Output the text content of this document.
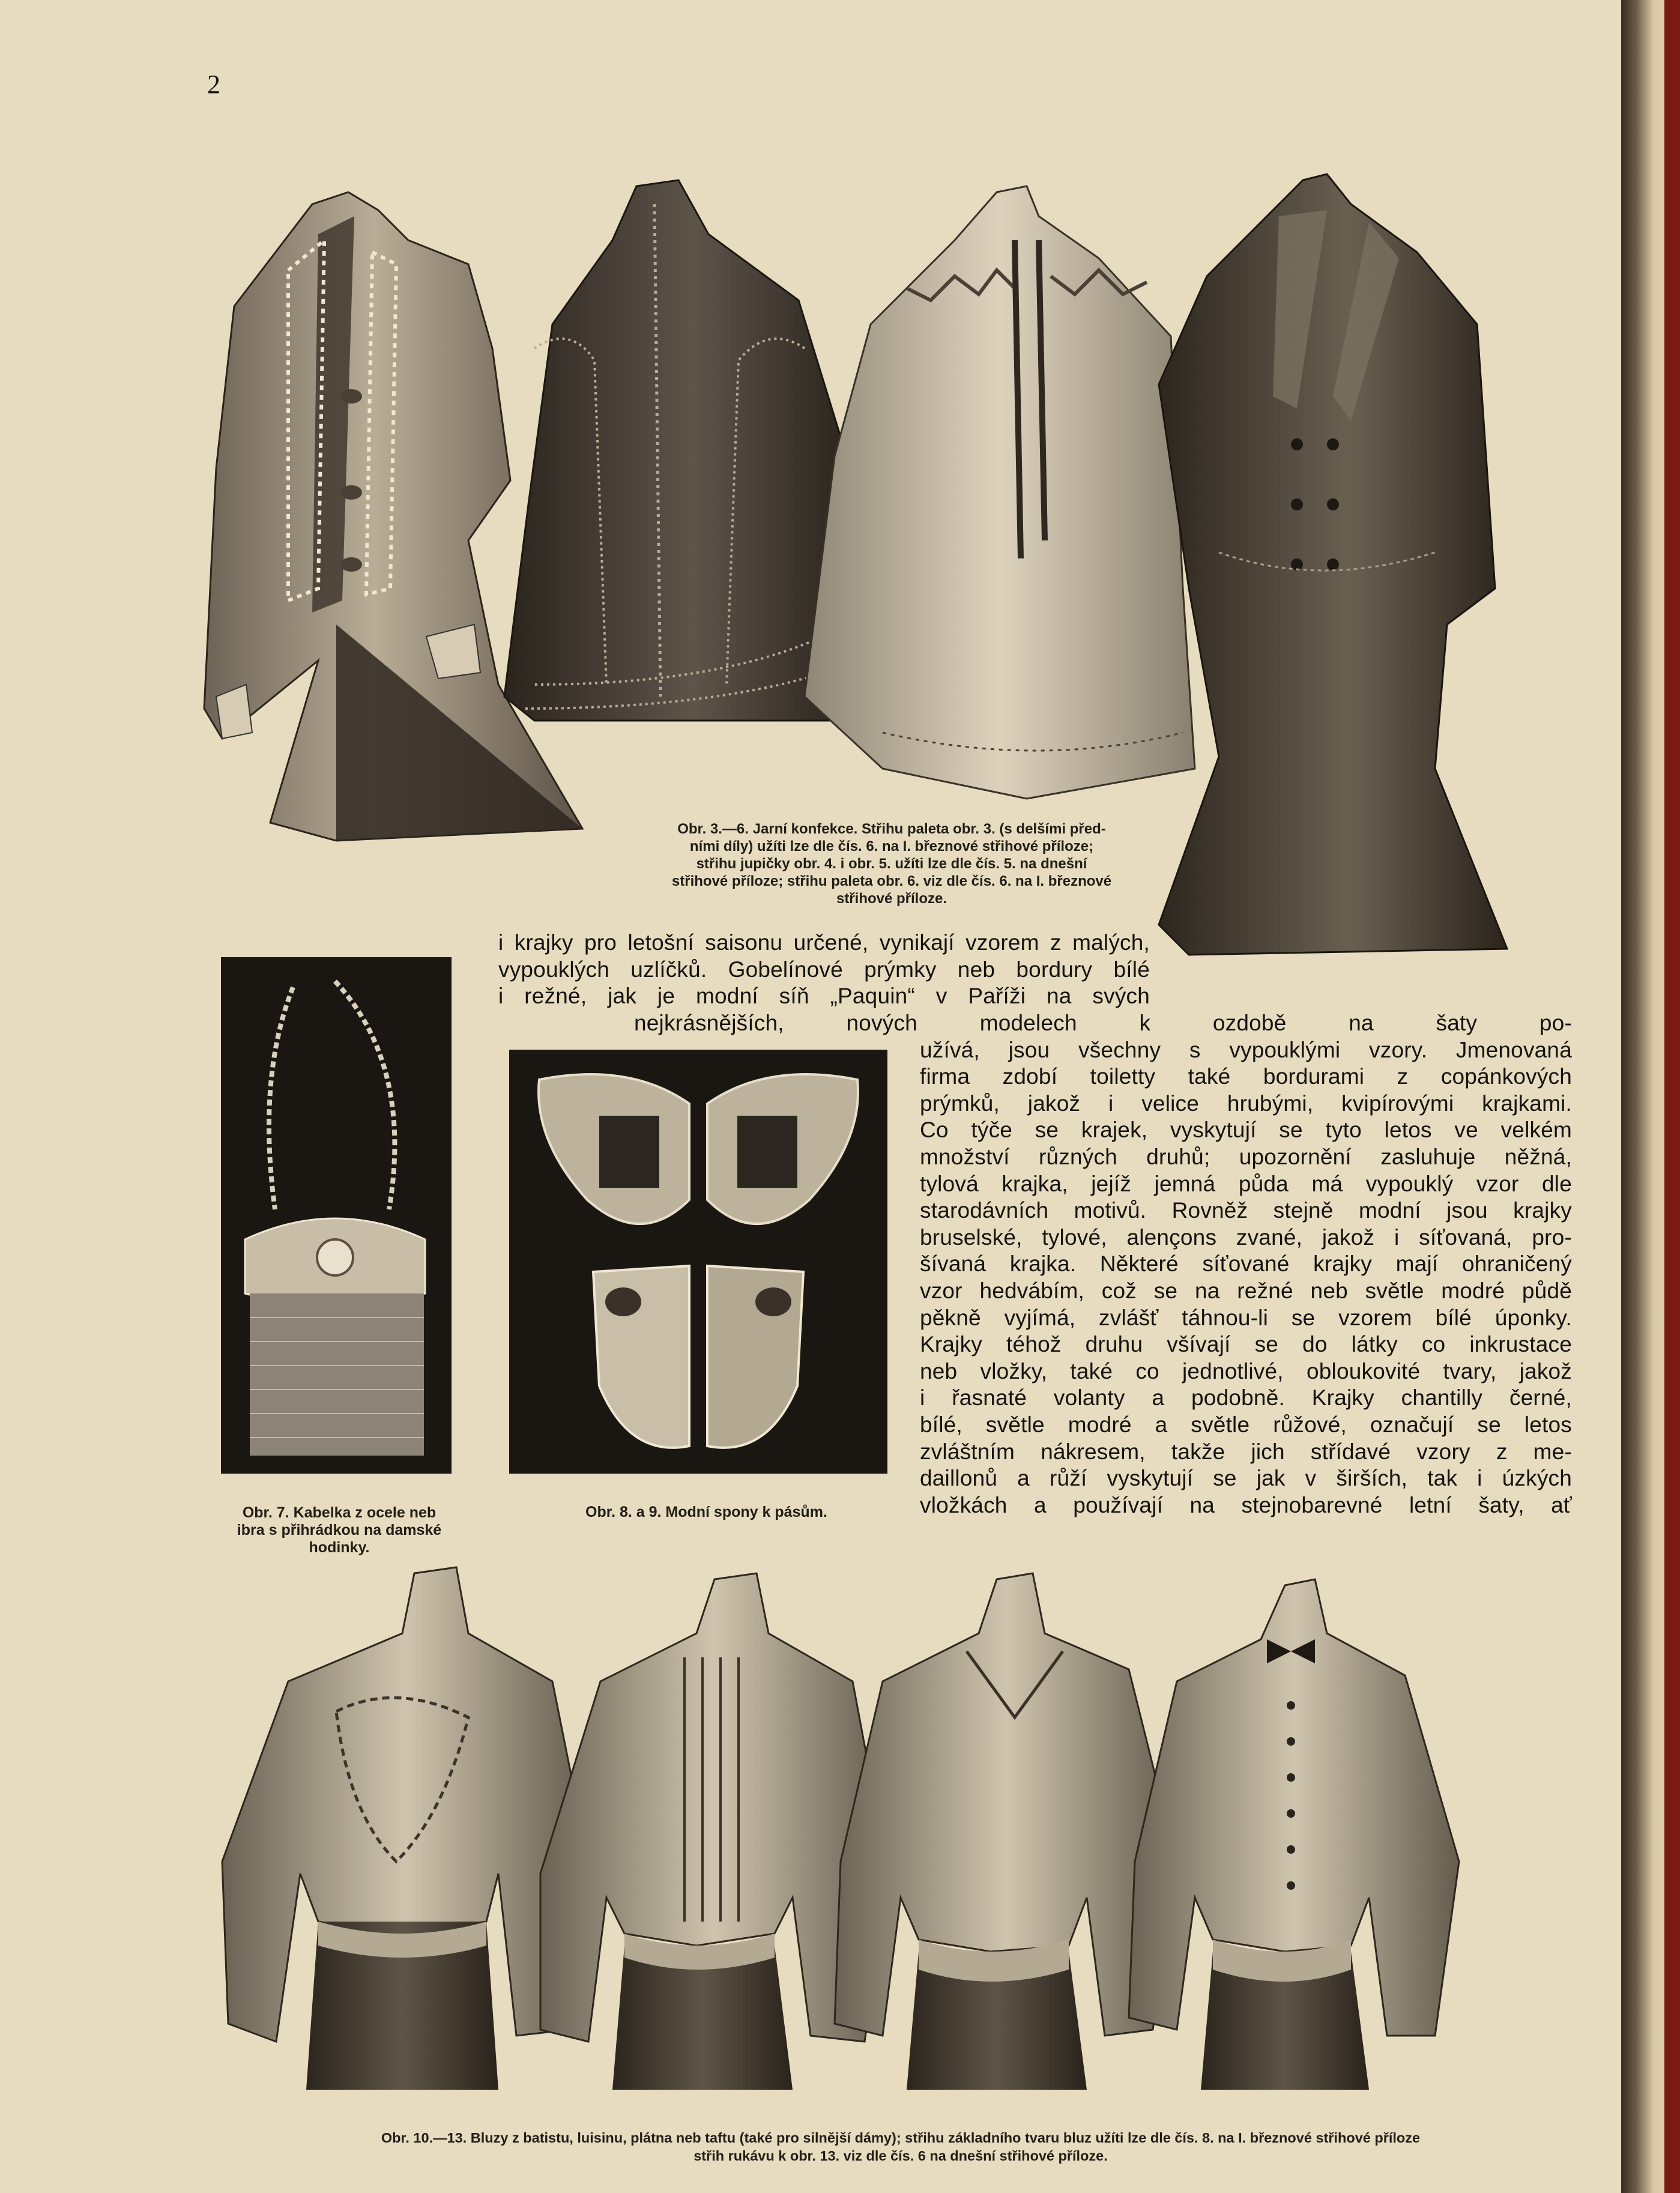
2
Obr. 3.—6. Jarní konfekce. Střihu paleta obr. 3. (s delšími před-
ními díly) užíti lze dle čís. 6. na I. březnové střihové příloze;
střihu jupičky obr. 4. i obr. 5. užíti lze dle čís. 5. na dnešní
střihové příloze; střihu paleta obr. 6. viz dle čís. 6. na I. březnové
střihové příloze.

i krajky pro letošní saisonu určené, vynikají vzorem z malých,

vypouklých uzlíčků. Gobelínové prýmky neb bordury bílé

i režné, jak je modní síň „Paquin“ v Paříži na svých

Obr. 7. Kabelka z ocele neb
ibra s přihrádkou na damské
hodinky.
Obr. 8. a 9. Modní spony k pásům.

nejkrásnějších, nových modelech k ozdobě na šaty po-

užívá, jsou všechny s vypouklými vzory. Jmenovaná

firma zdobí toiletty také bordurami z copánkových

prýmků, jakož i velice hrubými, kvipírovými krajkami.

Co týče se krajek, vyskytují se tyto letos ve velkém

množství různých druhů; upozornění zasluhuje něžná,

tylová krajka, jejíž jemná půda má vypouklý vzor dle

starodávních motivů. Rovněž stejně modní jsou krajky

bruselské, tylové, alençons zvané, jakož i síťovaná, pro-

šívaná krajka. Některé síťované krajky mají ohraničený

vzor hedvábím, což se na režné neb světle modré půdě

pěkně vyjímá, zvlášť táhnou-li se vzorem bílé úponky.

Krajky téhož druhu všívají se do látky co inkrustace

neb vložky, také co jednotlivé, obloukovité tvary, jakož

i řasnaté volanty a podobně. Krajky chantilly černé,

bílé, světle modré a světle růžové, označují se letos

zvláštním nákresem, takže jich střídavé vzory z me-

daillonů a růží vyskytují se jak v širších, tak i úzkých

vložkách a používají na stejnobarevné letní šaty, ať

Obr. 10.—13. Bluzy z batistu, luisinu, plátna neb taftu (také pro silnější dámy); střihu základního tvaru bluz užíti lze dle čís. 8. na I. březnové střihové příloze
střih rukávu k obr. 13. viz dle čís. 6 na dnešní střihové příloze.
